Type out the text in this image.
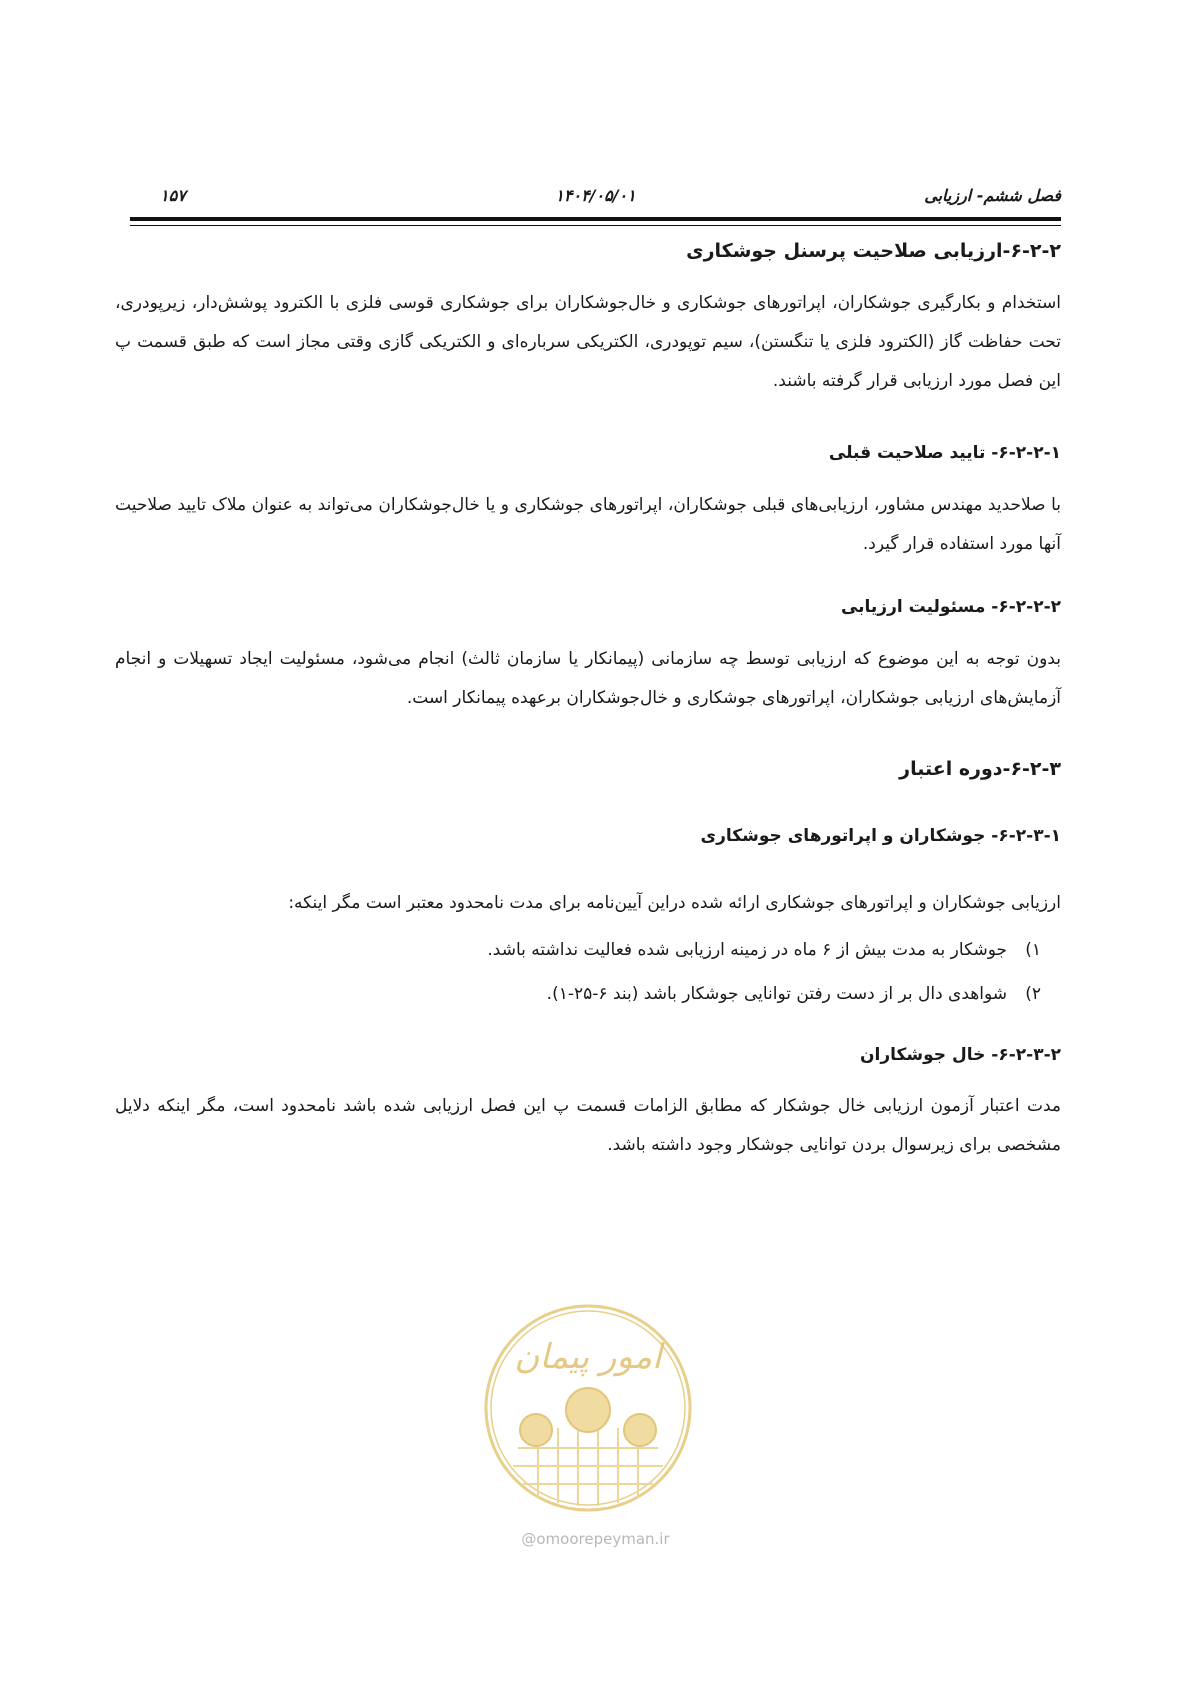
فصل ششم- ارزیابی
۱۴۰۴/۰۵/۰۱
۱۵۷
۶-۲-۲-ارزیابی صلاحیت پرسنل جوشکاری
استخدام و بکارگیری جوشکاران، اپراتورهای جوشکاری و خال‌جوشکاران برای جوشکاری قوسی فلزی با الکترود پوشش‌دار، زیرپودری، تحت حفاظت گاز (الکترود فلزی یا تنگستن)، سیم توپودری، الکتریکی سرباره‌ای و الکتریکی گازی وقتی مجاز است که طبق قسمت پ این فصل مورد ارزیابی قرار گرفته باشند.
۶-۲-۲-۱- تایید صلاحیت قبلی
با صلاحدید مهندس مشاور، ارزیابی‌های قبلی جوشکاران، اپراتورهای جوشکاری و یا خال‌جوشکاران می‌تواند به عنوان ملاک تایید صلاحیت آنها مورد استفاده قرار گیرد.
۶-۲-۲-۲- مسئولیت ارزیابی
بدون توجه به این موضوع که ارزیابی توسط چه سازمانی (پیمانکار یا سازمان ثالث) انجام می‌شود، مسئولیت ایجاد تسهیلات و انجام آزمایش‌های ارزیابی جوشکاران، اپراتورهای جوشکاری و خال‌جوشکاران برعهده پیمانکار است.
۶-۲-۳-دوره اعتبار
۶-۲-۳-۱- جوشکاران و اپراتورهای جوشکاری
ارزیابی جوشکاران و اپراتورهای جوشکاری ارائه شده دراین آیین‌نامه برای مدت نامحدود معتبر است مگر اینکه:
۱)جوشکار به مدت بیش از ۶ ماه در زمینه ارزیابی شده فعالیت نداشته باشد.
۲)شواهدی دال بر از دست رفتن توانایی جوشکار باشد (بند ۶-۲۵-۱).
۶-۲-۳-۲- خال جوشکاران
مدت اعتبار آزمون ارزیابی خال جوشکار که مطابق الزامات قسمت پ این فصل ارزیابی شده باشد نامحدود است، مگر اینکه دلایل مشخصی برای زیرسوال بردن توانایی جوشکار وجود داشته باشد.
امور پیمان
@omoorepeyman.ir
